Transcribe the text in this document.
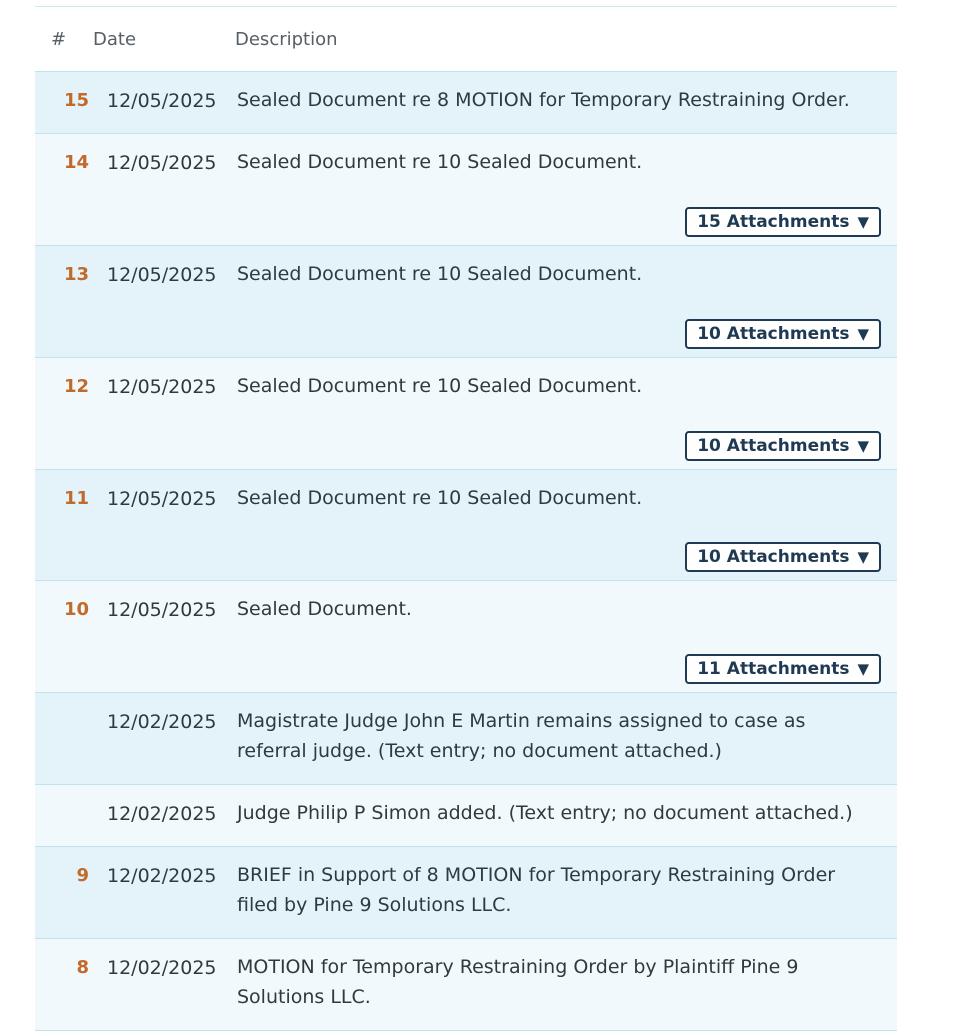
#	Date	Description
15 12/05/2025	Sealed Document re 8 MOTION for Temporary Restraining Order.
14 12/05/2025	Sealed Document re 10 Sealed Document.
15 Attachments ▼
13 12/05/2025	Sealed Document re 10 Sealed Document.
10 Attachments ▼
12 12/05/2025	Sealed Document re 10 Sealed Document.
10 Attachments ▼
11 12/05/2025	Sealed Document re 10 Sealed Document.
10 Attachments ▼
10 12/05/2025	Sealed Document.
11 Attachments ▼
12/02/2025	Magistrate Judge John E Martin remains assigned to case as referral judge. (Text entry; no document attached.)
12/02/2025	Judge Philip P Simon added. (Text entry; no document attached.)
9 12/02/2025	BRIEF in Support of 8 MOTION for Temporary Restraining Order filed by Pine 9 Solutions LLC.
8 12/02/2025	MOTION for Temporary Restraining Order by Plaintiff Pine 9 Solutions LLC.
